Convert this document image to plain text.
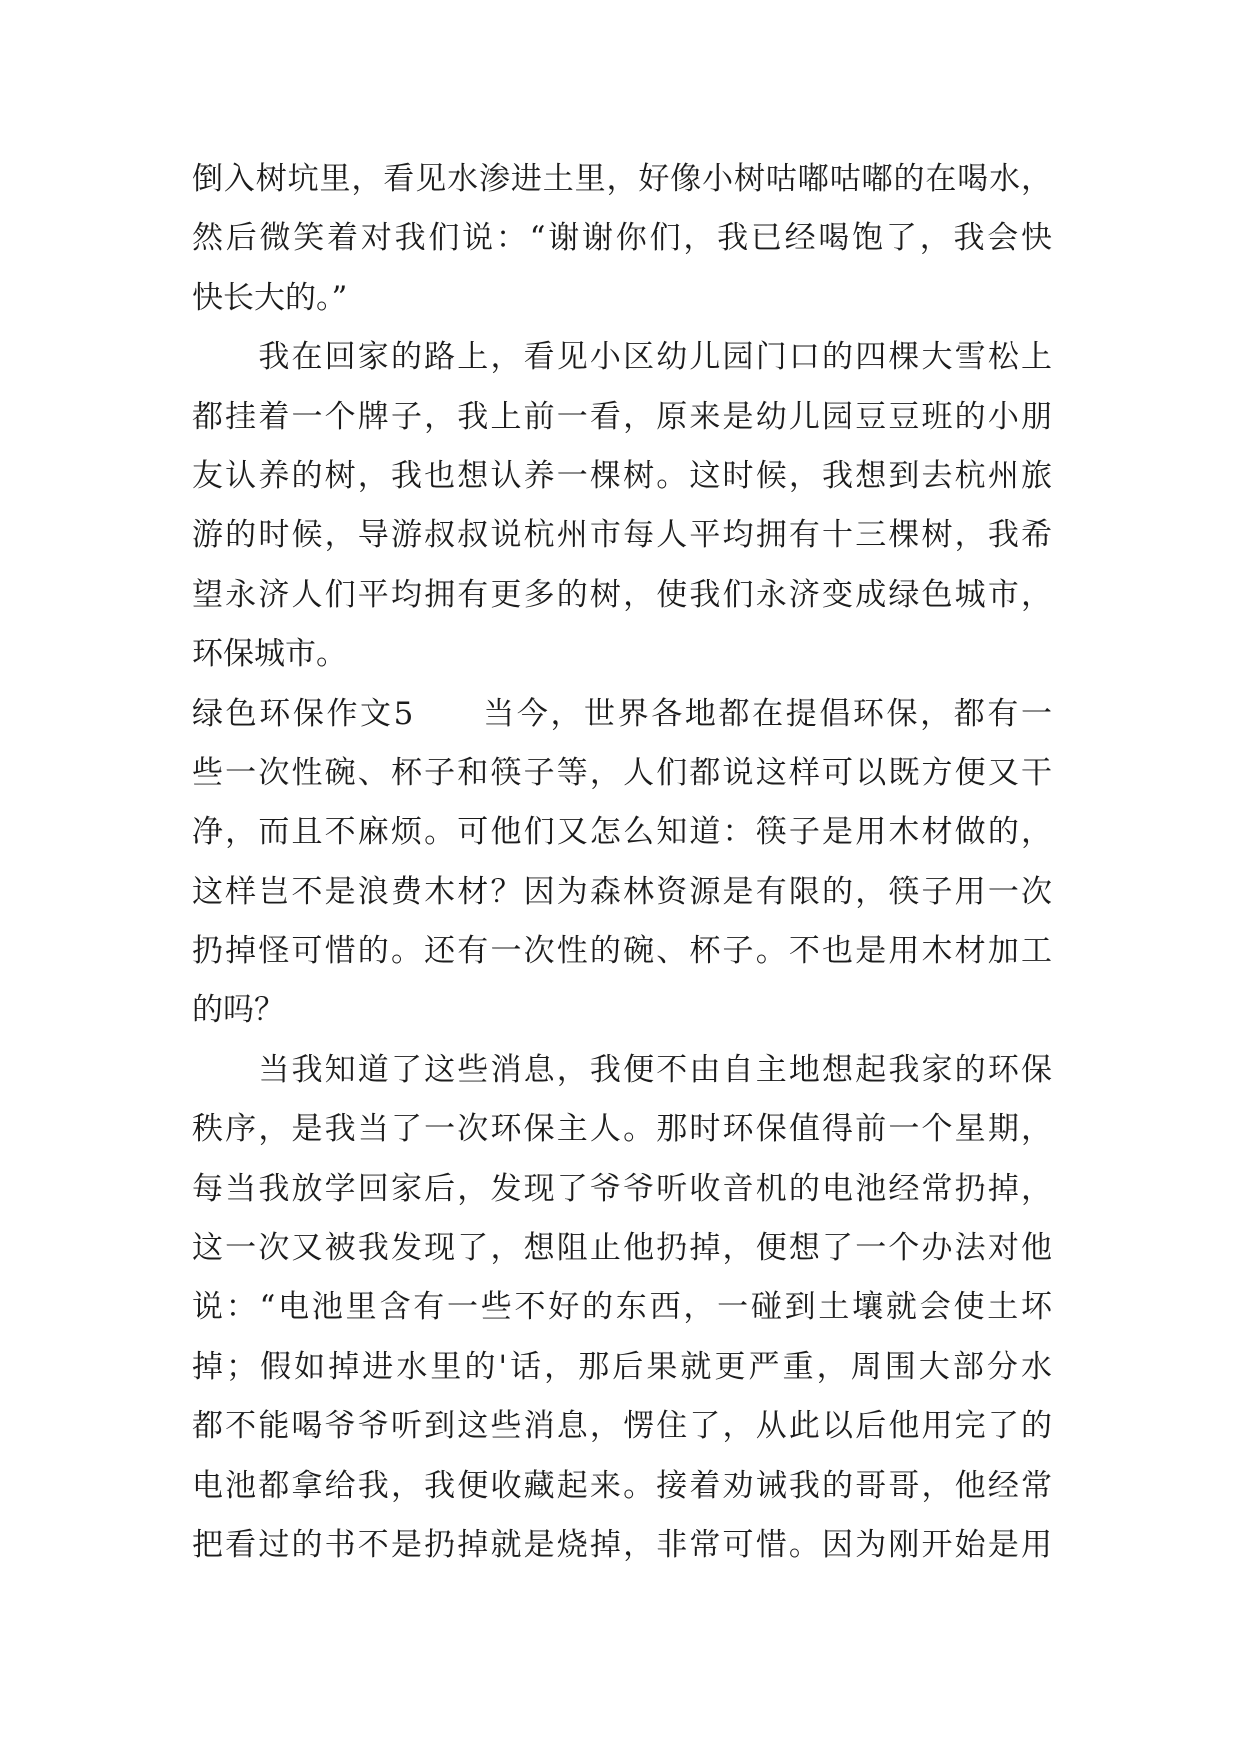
倒入树坑里，看见水渗进土里，好像小树咕嘟咕嘟的在喝水，
然后微笑着对我们说：“谢谢你们，我已经喝饱了，我会快
快长大的。”
　　我在回家的路上，看见小区幼儿园门口的四棵大雪松上
都挂着一个牌子，我上前一看，原来是幼儿园豆豆班的小朋
友认养的树，我也想认养一棵树。这时候，我想到去杭州旅
游的时候，导游叔叔说杭州市每人平均拥有十三棵树，我希
望永济人们平均拥有更多的树，使我们永济变成绿色城市，
环保城市。
绿色环保作文5　　当今，世界各地都在提倡环保，都有一
些一次性碗、杯子和筷子等，人们都说这样可以既方便又干
净，而且不麻烦。可他们又怎么知道：筷子是用木材做的，
这样岂不是浪费木材？因为森林资源是有限的，筷子用一次
扔掉怪可惜的。还有一次性的碗、杯子。不也是用木材加工
的吗？
　　当我知道了这些消息，我便不由自主地想起我家的环保
秩序，是我当了一次环保主人。那时环保值得前一个星期，
每当我放学回家后，发现了爷爷听收音机的电池经常扔掉，
这一次又被我发现了，想阻止他扔掉，便想了一个办法对他
说：“电池里含有一些不好的东西，一碰到土壤就会使土坏
掉；假如掉进水里的'话，那后果就更严重，周围大部分水
都不能喝爷爷听到这些消息，愣住了，从此以后他用完了的
电池都拿给我，我便收藏起来。接着劝诫我的哥哥，他经常
把看过的书不是扔掉就是烧掉，非常可惜。因为刚开始是用
